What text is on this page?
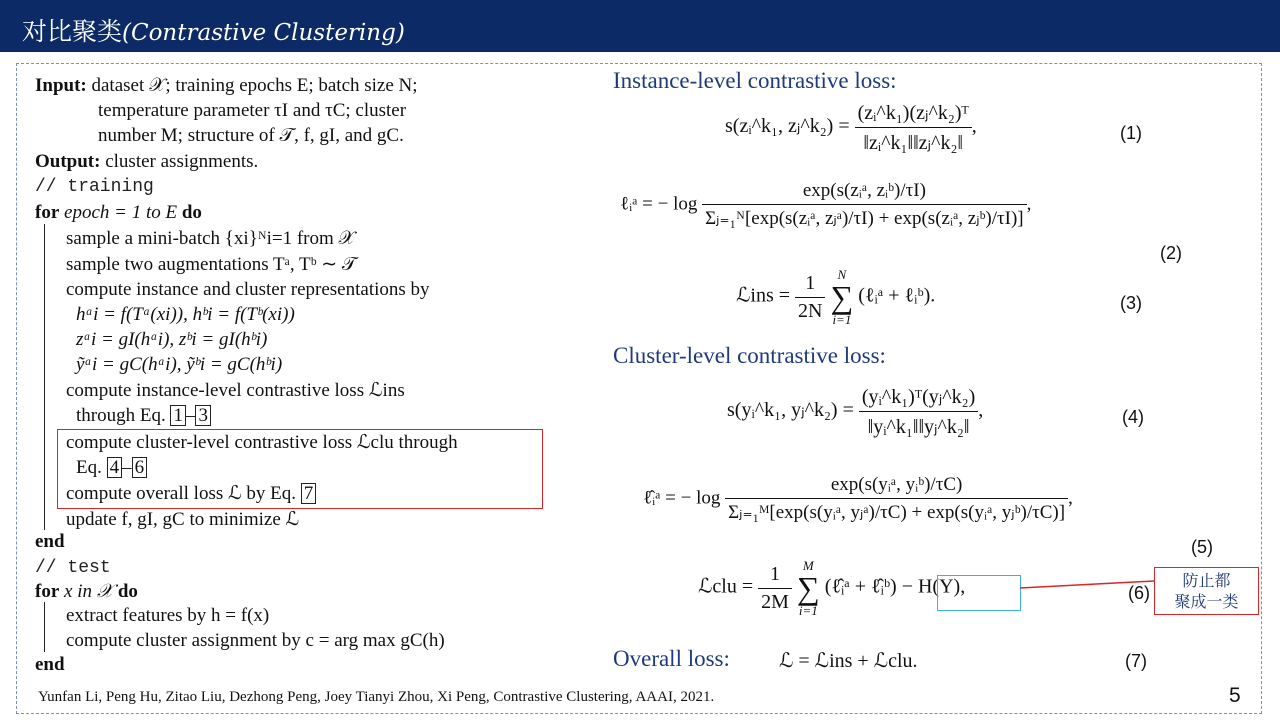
对比聚类(Contrastive Clustering)
Input: dataset 𝒳; training epochs E; batch size N;
temperature parameter τI and τC; cluster
number M; structure of 𝒯, f, gI, and gC.
Output: cluster assignments.
// training
for epoch = 1 to E do
sample a mini-batch {xi}ᴺi=1 from 𝒳
sample two augmentations Tᵃ, Tᵇ ∼ 𝒯
compute instance and cluster representations by
hᵃi = f(Tᵃ(xi)), hᵇi = f(Tᵇ(xi))
zᵃi = gI(hᵃi), zᵇi = gI(hᵇi)
ỹᵃi = gC(hᵃi), ỹᵇi = gC(hᵇi)
compute instance-level contrastive loss ℒins
through Eq. 1 – 3
compute cluster-level contrastive loss ℒclu through
Eq. 4 – 6
compute overall loss ℒ by Eq. 7
update f, gI, gC to minimize ℒ
end
// test
for x in 𝒳 do
extract features by h = f(x)
compute cluster assignment by c = arg max gC(h)
end
Instance-level contrastive loss:
s(zᵢ^k₁, zⱼ^k₂) = $\frac{\text{(zᵢ\textasciicircum{}k₁)(zⱼ\textasciicircum{}k₂)ᵀ}}{\text{‖zᵢ\textasciicircum{}k₁‖‖zⱼ\textasciicircum{}k₂‖}}$ ,	(1)
ℓᵢᵃ = − $\log \frac{\text{exp(s(zᵢᵃ, zᵢᵇ)/τI)}}{\text{Σⱼ₌₁ᴺ[exp(s(zᵢᵃ, zⱼᵃ)/τI) + exp(s(zᵢᵃ, zⱼᵇ)/τI)]}}$ ,
(2)
ℒins = $\frac{1}{2N}$
N
∑
i=1
(ℓᵢᵃ + ℓᵢᵇ).	(3)
Cluster-level contrastive loss:
s(yᵢ^k₁, yⱼ^k₂) = $\frac{\text{(yᵢ\textasciicircum{}k₁)ᵀ(yⱼ\textasciicircum{}k₂)}}{\text{‖yᵢ\textasciicircum{}k₁‖‖yⱼ\textasciicircum{}k₂‖}}$ ,	(4)
ℓ̂ᵢᵃ = − $\log \frac{\text{exp(s(yᵢᵃ, yᵢᵇ)/τC)}}{\text{Σⱼ₌₁ᴹ[exp(s(yᵢᵃ, yⱼᵃ)/τC) + exp(s(yᵢᵃ, yⱼᵇ)/τC)]}}$ ,
(5)
ℒclu = $\frac{1}{2M}$
M
∑
i=1
(ℓ̂ᵢᵃ + ℓ̂ᵢᵇ) − H(Y),	(6)
防止都
聚成一类
Overall loss: ℒ = ℒins + ℒclu.	(7)
Yunfan Li, Peng Hu, Zitao Liu, Dezhong Peng, Joey Tianyi Zhou, Xi Peng, Contrastive Clustering, AAAI, 2021.	5
